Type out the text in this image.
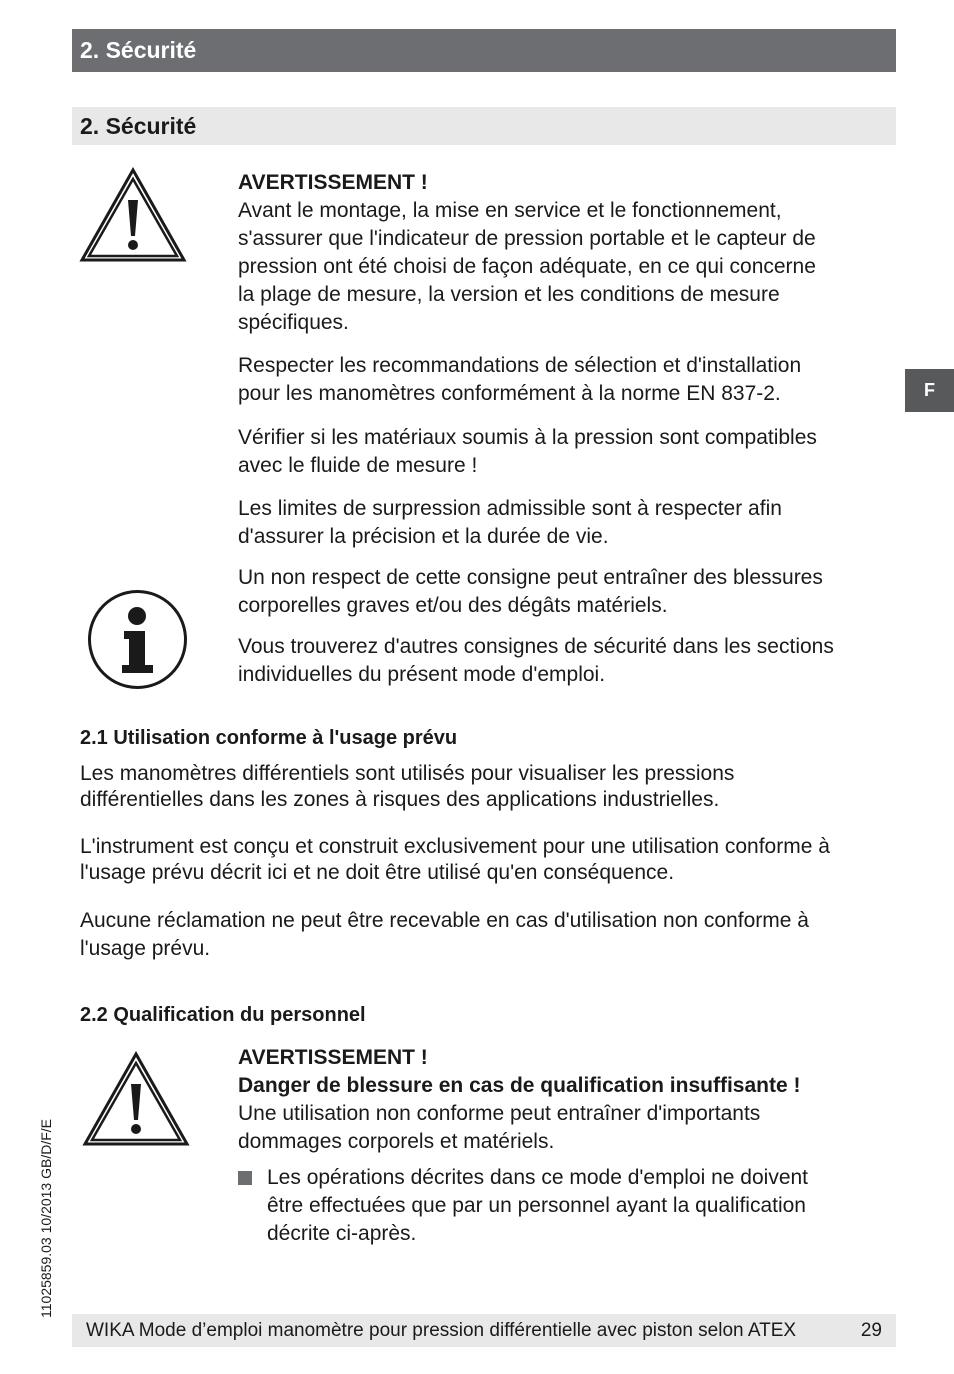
2. Sécurité
2. Sécurité
F
AVERTISSEMENT !
Avant le montage, la mise en service et le fonctionnement,
s'assurer que l'indicateur de pression portable et le capteur de
pression ont été choisi de façon adéquate, en ce qui concerne
la plage de mesure, la version et les conditions de mesure
spécifiques.
Respecter les recommandations de sélection et d'installation
pour les manomètres conformément à la norme EN 837-2.
Vérifier si les matériaux soumis à la pression sont compatibles
avec le fluide de mesure !
Les limites de surpression admissible sont à respecter afin
d'assurer la précision et la durée de vie.
Un non respect de cette consigne peut entraîner des blessures
corporelles graves et/ou des dégâts matériels.
Vous trouverez d'autres consignes de sécurité dans les sections
individuelles du présent mode d'emploi.
2.1 Utilisation conforme à l'usage prévu
Les manomètres différentiels sont utilisés pour visualiser les pressions
différentielles dans les zones à risques des applications industrielles.
L'instrument est conçu et construit exclusivement pour une utilisation conforme à
l'usage prévu décrit ici et ne doit être utilisé qu'en conséquence.
Aucune réclamation ne peut être recevable en cas d'utilisation non conforme à
l'usage prévu.
2.2 Qualification du personnel
AVERTISSEMENT !
Danger de blessure en cas de qualification insuffisante !
Une utilisation non conforme peut entraîner d'importants
dommages corporels et matériels.
Les opérations décrites dans ce mode d'emploi ne doivent
être effectuées que par un personnel ayant la qualification
décrite ci-après.
11025859.03 10/2013 GB/D/F/E
WIKA Mode d’emploi manomètre pour pression différentielle avec piston selon ATEX	29
